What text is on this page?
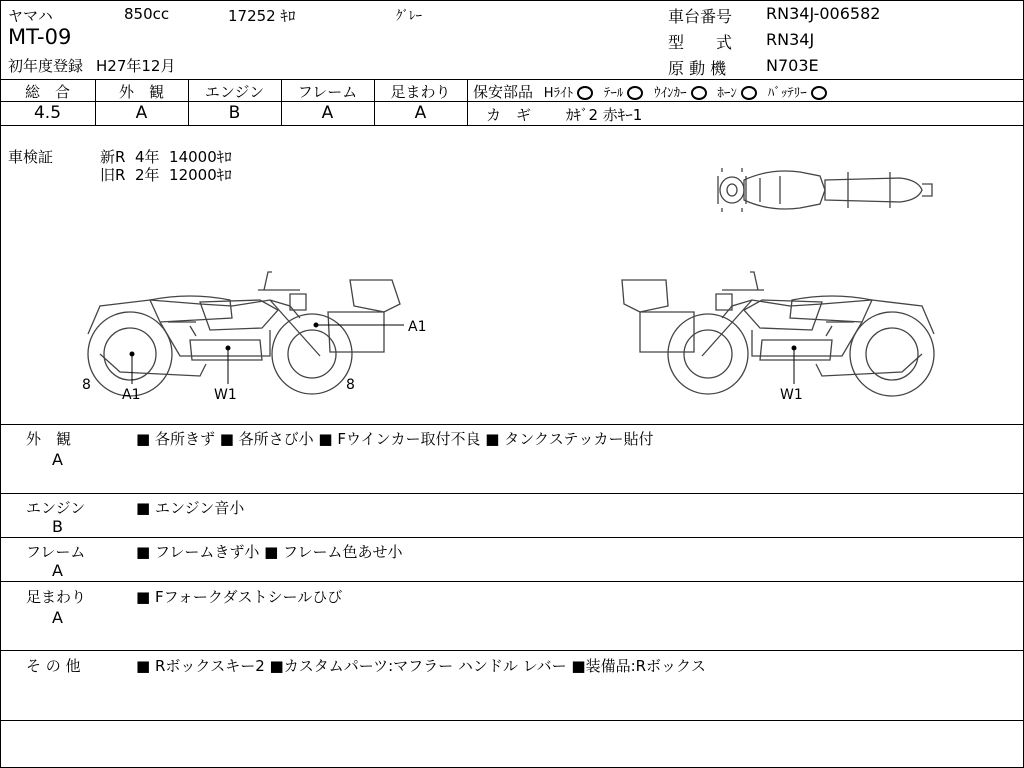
ヤマハ	850cc	17252 ｷﾛ	ｸﾞﾚｰ
MT-09
初年度登録 H27年12月
車台番号 RN34J-006582
型　　式 RN34J
原 動 機 N703E
総　合	外　観	エンジン	フレーム	足まわり
4.5	A	B	A	A
保安部品 Hﾗｲﾄ ﾃｰﾙ ｳｲﾝｶｰ ﾎｰﾝ ﾊﾞｯﾃﾘｰ
カ　ギ ｶｷﾞ2 赤ｷｰ1
車検証	新R  4年  14000ｷﾛ
旧R  2年  12000ｷﾛ
A1
A1	W1
8	8
W1
外　観
A
■ 各所きず ■ 各所さび小 ■ Fウインカー取付不良 ■ タンクステッカー貼付
エンジン
B
■ エンジン音小
フレーム
A
■ フレームきず小 ■ フレーム色あせ小
足まわり
A
■ Fフォークダストシールひび
そ の 他	■ Rボックスキー2 ■カスタムパーツ:マフラー ハンドル レバー ■装備品:Rボックス
